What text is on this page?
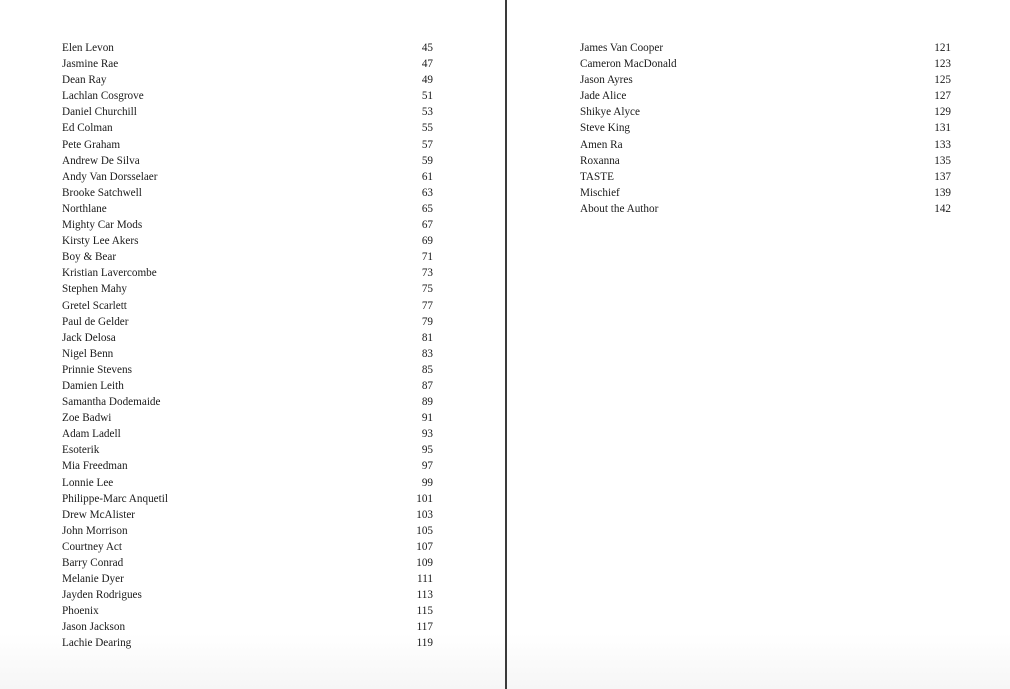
Elen Levon	45
Jasmine Rae	47
Dean Ray	49
Lachlan Cosgrove	51
Daniel Churchill	53
Ed Colman	55
Pete Graham	57
Andrew De Silva	59
Andy Van Dorsselaer	61
Brooke Satchwell	63
Northlane	65
Mighty Car Mods	67
Kirsty Lee Akers	69
Boy & Bear	71
Kristian Lavercombe	73
Stephen Mahy	75
Gretel Scarlett	77
Paul de Gelder	79
Jack Delosa	81
Nigel Benn	83
Prinnie Stevens	85
Damien Leith	87
Samantha Dodemaide	89
Zoe Badwi	91
Adam Ladell	93
Esoterik	95
Mia Freedman	97
Lonnie Lee	99
Philippe-Marc Anquetil	101
Drew McAlister	103
John Morrison	105
Courtney Act	107
Barry Conrad	109
Melanie Dyer	111
Jayden Rodrigues	113
Phoenix	115
Jason Jackson	117
Lachie Dearing	119
James Van Cooper	121
Cameron MacDonald	123
Jason Ayres	125
Jade Alice	127
Shikye Alyce	129
Steve King	131
Amen Ra	133
Roxanna	135
TASTE	137
Mischief	139
About the Author	142
